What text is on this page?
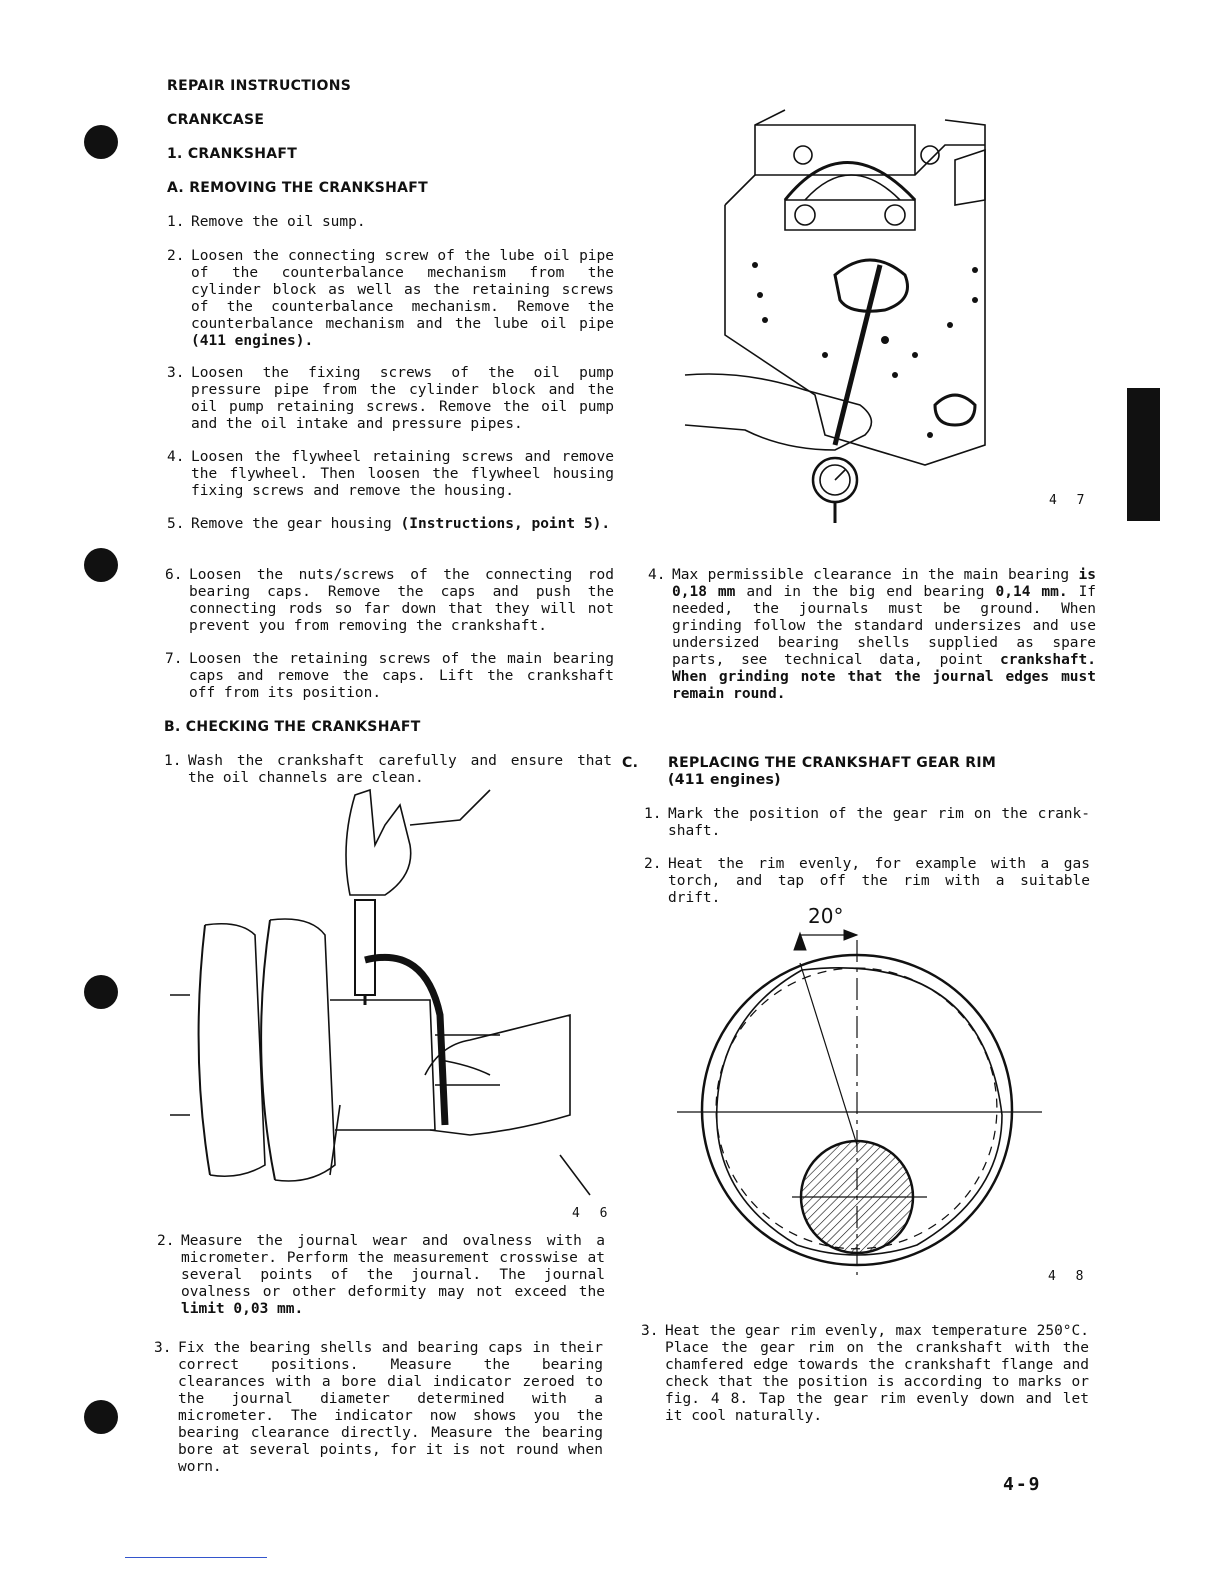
REPAIR INSTRUCTIONS
CRANKCASE
1. CRANKSHAFT
A. REMOVING THE CRANKSHAFT
1. Remove the oil sump.
2. Loosen the connecting screw of the lube oil pipe of the counterbalance mechanism from the cylinder block as well as the retaining screws of the counterbalance mechanism. Remove the counterbalance mechanism and the lube oil pipe (411 engines).
3. Loosen the fixing screws of the oil pump pressure pipe from the cylinder block and the oil pump retaining screws. Remove the oil pump and the oil intake and pressure pipes.
4. Loosen the flywheel retaining screws and remove the flywheel. Then loosen the flywheel housing fixing screws and remove the housing.
5. Remove the gear housing (Instructions, point 5).
6. Loosen the nuts/screws of the connecting rod bearing caps. Remove the caps and push the connecting rods so far down that they will not prevent you from removing the crankshaft.
7. Loosen the retaining screws of the main bearing caps and remove the caps. Lift the crankshaft off from its position.
B. CHECKING THE CRANKSHAFT
1. Wash the crankshaft carefully and ensure that the oil channels are clean.
2. Measure the journal wear and ovalness with a micrometer. Perform the measurement crosswise at several points of the journal. The journal ovalness or other deformity may not exceed the limit 0,03 mm.
3. Fix the bearing shells and bearing caps in their correct positions. Measure the bearing clearances with a bore dial indicator zeroed to the journal diameter determined with a micrometer. The indicator now shows you the bearing clearance directly. Measure the bearing bore at several points, for it is not round when worn.
4. Max permissible clearance in the main bearing is 0,18 mm and in the big end bearing 0,14 mm. If needed, the journals must be ground. When grinding follow the standard undersizes and use undersized bearing shells supplied as spare parts, see technical data, point crankshaft. When grinding note that the journal edges must remain round.
C. REPLACING THE CRANKSHAFT GEAR RIM
(411 engines)
1. Mark the position of the gear rim on the crank-shaft.
2. Heat the rim evenly, for example with a gas torch, and tap off the rim with a suitable drift.
3. Heat the gear rim evenly, max temperature 250°C. Place the gear rim on the crankshaft with the chamfered edge towards the crankshaft flange and check that the position is according to marks or fig. 4 8. Tap the gear rim evenly down and let it cool naturally.
4 7
4 6
20°
4 8
4-9
